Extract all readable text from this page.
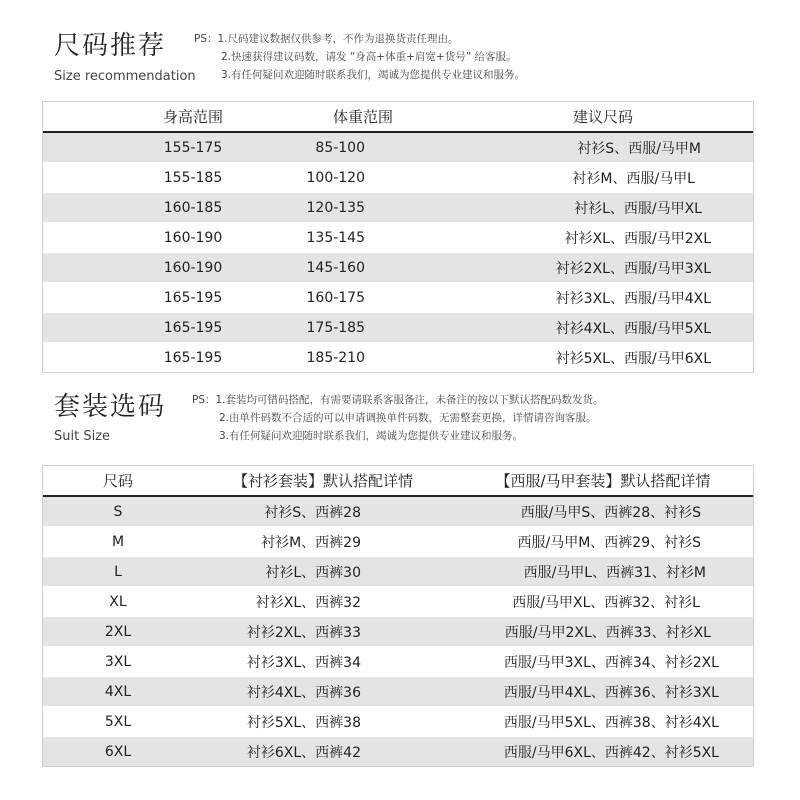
尺码推荐
Size recommendation
PS：1.尺码建议数据仅供参考，不作为退换货责任理由。
2.快速获得建议码数，请发 “身高+体重+肩宽+货号” 给客服。
3.有任何疑问欢迎随时联系我们，竭诚为您提供专业建议和服务。
身高范围	体重范围	建议尺码
155-175	85-100	衬衫S、西服/马甲M
155-185	100-120	衬衫M、西服/马甲L
160-185	120-135	衬衫L、西服/马甲XL
160-190	135-145	衬衫XL、西服/马甲2XL
160-190	145-160	衬衫2XL、西服/马甲3XL
165-195	160-175	衬衫3XL、西服/马甲4XL
165-195	175-185	衬衫4XL、西服/马甲5XL
165-195	185-210	衬衫5XL、西服/马甲6XL
套装选码
Suit Size
PS：1.套装均可错码搭配，有需要请联系客服备注，未备注的按以下默认搭配码数发货。
2.由单件码数不合适的可以申请调换单件码数，无需整套更换，详情请咨询客服。
3.有任何疑问欢迎随时联系我们，竭诚为您提供专业建议和服务。
尺码	【衬衫套装】默认搭配详情	【西服/马甲套装】默认搭配详情
S	衬衫S、西裤28	西服/马甲S、西裤28、衬衫S
M	衬衫M、西裤29	西服/马甲M、西裤29、衬衫S
L	衬衫L、西裤30	西服/马甲L、西裤31、衬衫M
XL	衬衫XL、西裤32	西服/马甲XL、西裤32、衬衫L
2XL	衬衫2XL、西裤33	西服/马甲2XL、西裤33、衬衫XL
3XL	衬衫3XL、西裤34	西服/马甲3XL、西裤34、衬衫2XL
4XL	衬衫4XL、西裤36	西服/马甲4XL、西裤36、衬衫3XL
5XL	衬衫5XL、西裤38	西服/马甲5XL、西裤38、衬衫4XL
6XL	衬衫6XL、西裤42	西服/马甲6XL、西裤42、衬衫5XL
